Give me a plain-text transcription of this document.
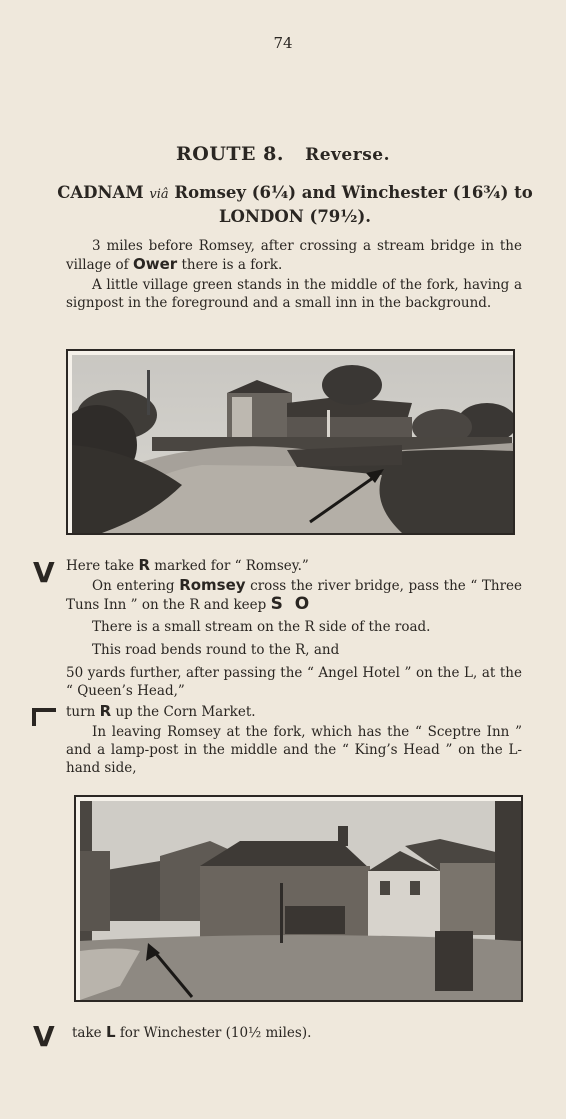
74
ROUTE 8. Reverse.
CADNAM viâ Romsey (6¼) and Winchester (16¾) to
LONDON (79½).
3 miles before Romsey, after crossing a stream bridge in the village of Ower there is a fork.
A little village green stands in the middle of the fork, having a signpost in the foreground and a small inn in the background.
V Here take R marked for “ Romsey.”
On entering Romsey cross the river bridge, pass the “ Three Tuns Inn ” on the R and keep S O
There is a small stream on the R side of the road.
This road bends round to the R, and
50 yards further, after passing the “ Angel Hotel ” on the L, at the “ Queen’s Head,”
turn R up the Corn Market.
In leaving Romsey at the fork, which has the “ Sceptre Inn ” and a lamp-post in the middle and the “ King’s Head ” on the L-hand side,
V take L for Winchester (10½ miles).
